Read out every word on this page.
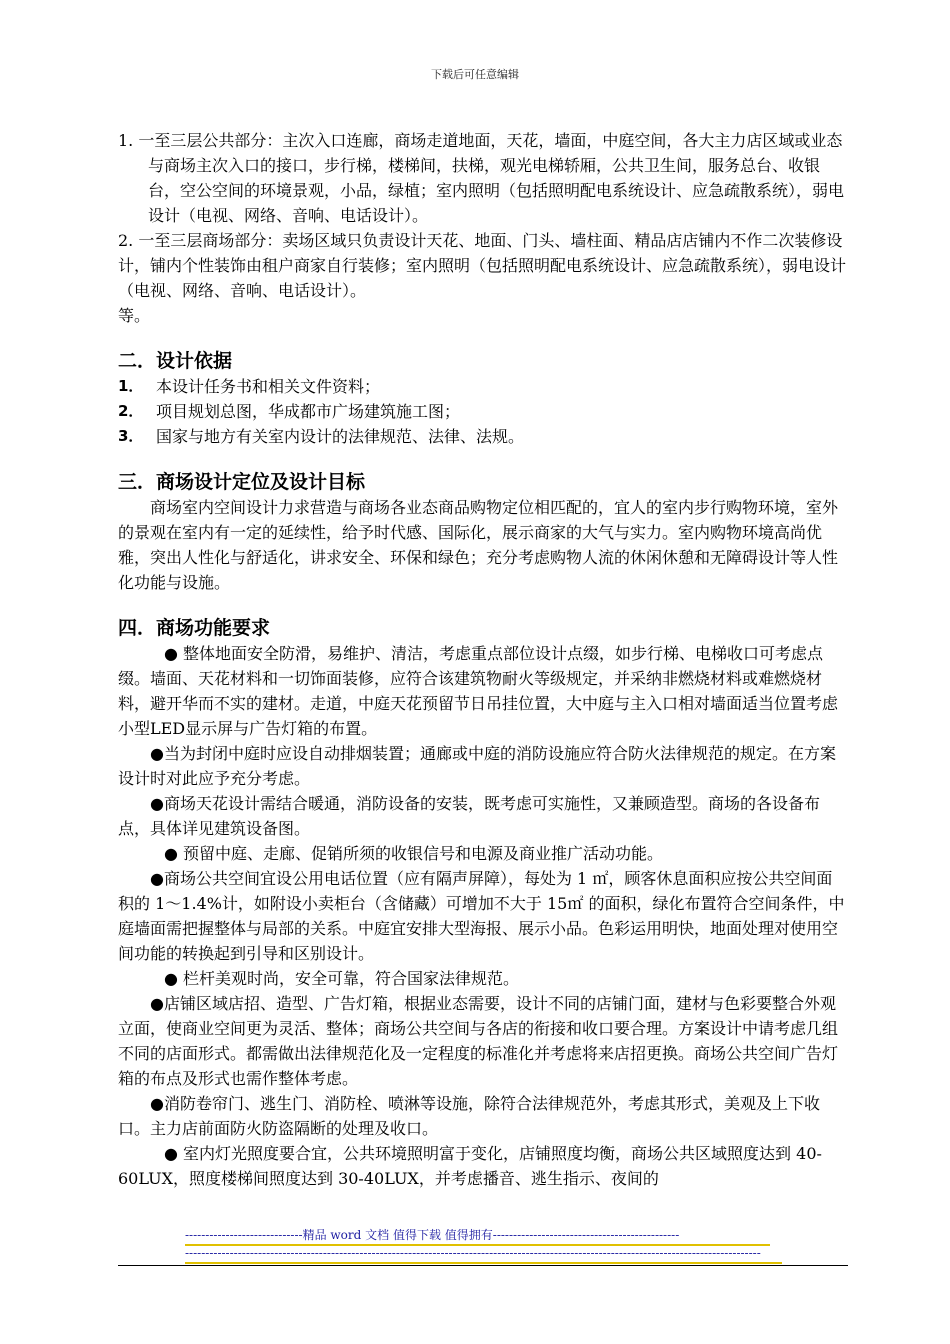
下载后可任意编辑

1. 一至三层公共部分：主次入口连廊，商场走道地面，天花，墙面，中庭空间，各大主力店区域或业态与商场主次入口的接口，步行梯，楼梯间，扶梯，观光电梯轿厢，公共卫生间，服务总台、收银台，空公空间的环境景观，小品，绿植；室内照明（包括照明配电系统设计、应急疏散系统），弱电设计（电视、网络、音响、电话设计）。

2. 一至三层商场部分：卖场区域只负责设计天花、地面、门头、墙柱面、精品店店铺内不作二次装修设计，铺内个性装饰由租户商家自行装修；室内照明（包括照明配电系统设计、应急疏散系统），弱电设计（电视、网络、音响、电话设计）。

等。

二．设计依据
1． 本设计任务书和相关文件资料；
2． 项目规划总图，华成都市广场建筑施工图；
3． 国家与地方有关室内设计的法律规范、法律、法规。
三．商场设计定位及设计目标

商场室内空间设计力求营造与商场各业态商品购物定位相匹配的，宜人的室内步行购物环境，室外的景观在室内有一定的延续性，给予时代感、国际化，展示商家的大气与实力。室内购物环境高尚优雅，突出人性化与舒适化，讲求安全、环保和绿色；充分考虑购物人流的休闲休憩和无障碍设计等人性化功能与设施。

四．商场功能要求

● 整体地面安全防滑，易维护、清洁，考虑重点部位设计点缀，如步行梯、电梯收口可考虑点缀。墙面、天花材料和一切饰面装修，应符合该建筑物耐火等级规定，并采纳非燃烧材料或难燃烧材料，避开华而不实的建材。走道，中庭天花预留节日吊挂位置，大中庭与主入口相对墙面适当位置考虑小型LED显示屏与广告灯箱的布置。

●当为封闭中庭时应设自动排烟装置；通廊或中庭的消防设施应符合防火法律规范的规定。在方案设计时对此应予充分考虑。

●商场天花设计需结合暖通，消防设备的安装，既考虑可实施性，又兼顾造型。商场的各设备布点，具体详见建筑设备图。

● 预留中庭、走廊、促销所须的收银信号和电源及商业推广活动功能。

●商场公共空间宜设公用电话位置（应有隔声屏障），每处为 1 ㎡，顾客休息面积应按公共空间面积的 1～1.4%计，如附设小卖柜台（含储藏）可增加不大于 15㎡ 的面积，绿化布置符合空间条件，中庭墙面需把握整体与局部的关系。中庭宜安排大型海报、展示小品。色彩运用明快，地面处理对使用空间功能的转换起到引导和区别设计。

● 栏杆美观时尚，安全可靠，符合国家法律规范。

●店铺区域店招、造型、广告灯箱，根据业态需要，设计不同的店铺门面，建材与色彩要整合外观立面，使商业空间更为灵活、整体；商场公共空间与各店的衔接和收口要合理。方案设计中请考虑几组不同的店面形式。都需做出法律规范化及一定程度的标准化并考虑将来店招更换。商场公共空间广告灯箱的布点及形式也需作整体考虑。

●消防卷帘门、逃生门、消防栓、喷淋等设施，除符合法律规范外，考虑其形式，美观及上下收口。主力店前面防火防盗隔断的处理及收口。

● 室内灯光照度要合宜，公共环境照明富于变化，店铺照度均衡，商场公共区域照度达到 40-60LUX，照度楼梯间照度达到 30-40LUX，并考虑播音、逃生指示、夜间的

-----------------------------精品 word 文档 值得下载 值得拥有----------------------------------------------
----------------------------------------------------------------------------------------------------------------------------------------------
